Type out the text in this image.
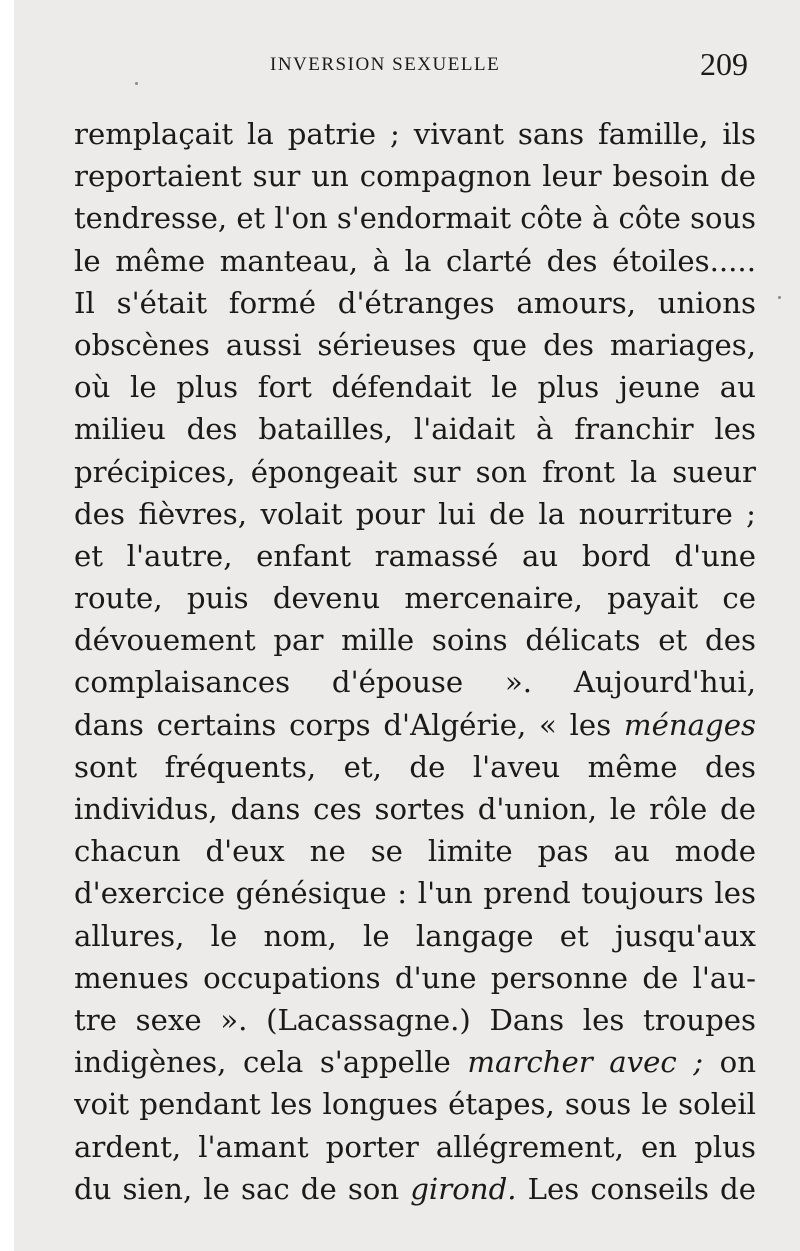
INVERSION SEXUELLE	209
remplaçait la patrie ; vivant sans famille, ils
reportaient sur un compagnon leur besoin de
tendresse, et l'on s'endormait côte à côte sous
le même manteau, à la clarté des étoiles.....
Il s'était formé d'étranges amours, unions
obscènes aussi sérieuses que des mariages,
où le plus fort défendait le plus jeune au
milieu des batailles, l'aidait à franchir les
précipices, épongeait sur son front la sueur
des fièvres, volait pour lui de la nourriture ;
et l'autre, enfant ramassé au bord d'une
route, puis devenu mercenaire, payait ce
dévouement par mille soins délicats et des
complaisances d'épouse ». Aujourd'hui,
dans certains corps d'Algérie, « les ménages
sont fréquents, et, de l'aveu même des
individus, dans ces sortes d'union, le rôle de
chacun d'eux ne se limite pas au mode
d'exercice génésique : l'un prend toujours les
allures, le nom, le langage et jusqu'aux
menues occupations d'une personne de l'au-
tre sexe ». (Lacassagne.) Dans les troupes
indigènes, cela s'appelle marcher avec ; on
voit pendant les longues étapes, sous le soleil
ardent, l'amant porter allégrement, en plus
du sien, le sac de son girond. Les conseils de
